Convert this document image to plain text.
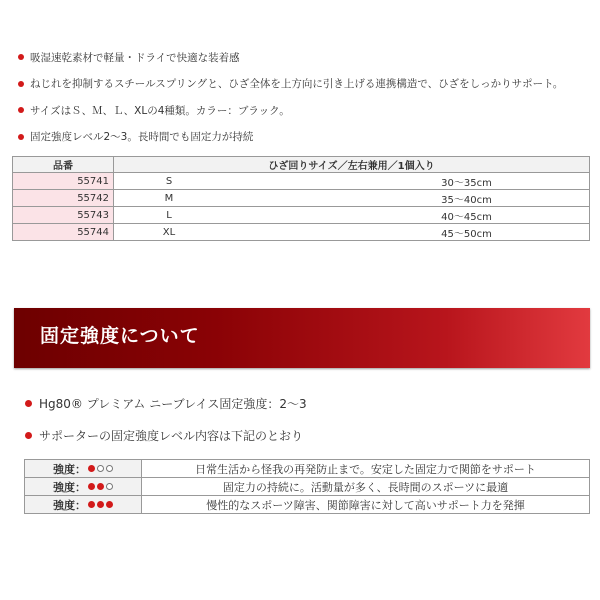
吸湿速乾素材で軽量・ドライで快適な装着感
ねじれを抑制するスチールスプリングと、ひざ全体を上方向に引き上げる連携構造で、ひざをしっかりサポート。
サイズはＳ、Ｍ、Ｌ、XLの4種類。カラー：ブラック。
固定強度レベル2～3。長時間でも固定力が持続
品番	ひざ回りサイズ／左右兼用／1個入り	
55741	S	30～35cm
55742	M	35～40cm
55743	L	40～45cm
55744	XL	45～50cm
固定強度について
Hg80® プレミアム ニーブレイス固定強度：2～3
サポーターの固定強度レベル内容は下記のとおり
強度：	日常生活から怪我の再発防止まで。安定した固定力で関節をサポート

強度：	固定力の持続に。活動量が多く、長時間のスポーツに最適

強度：	慢性的なスポーツ障害、関節障害に対して高いサポート力を発揮
